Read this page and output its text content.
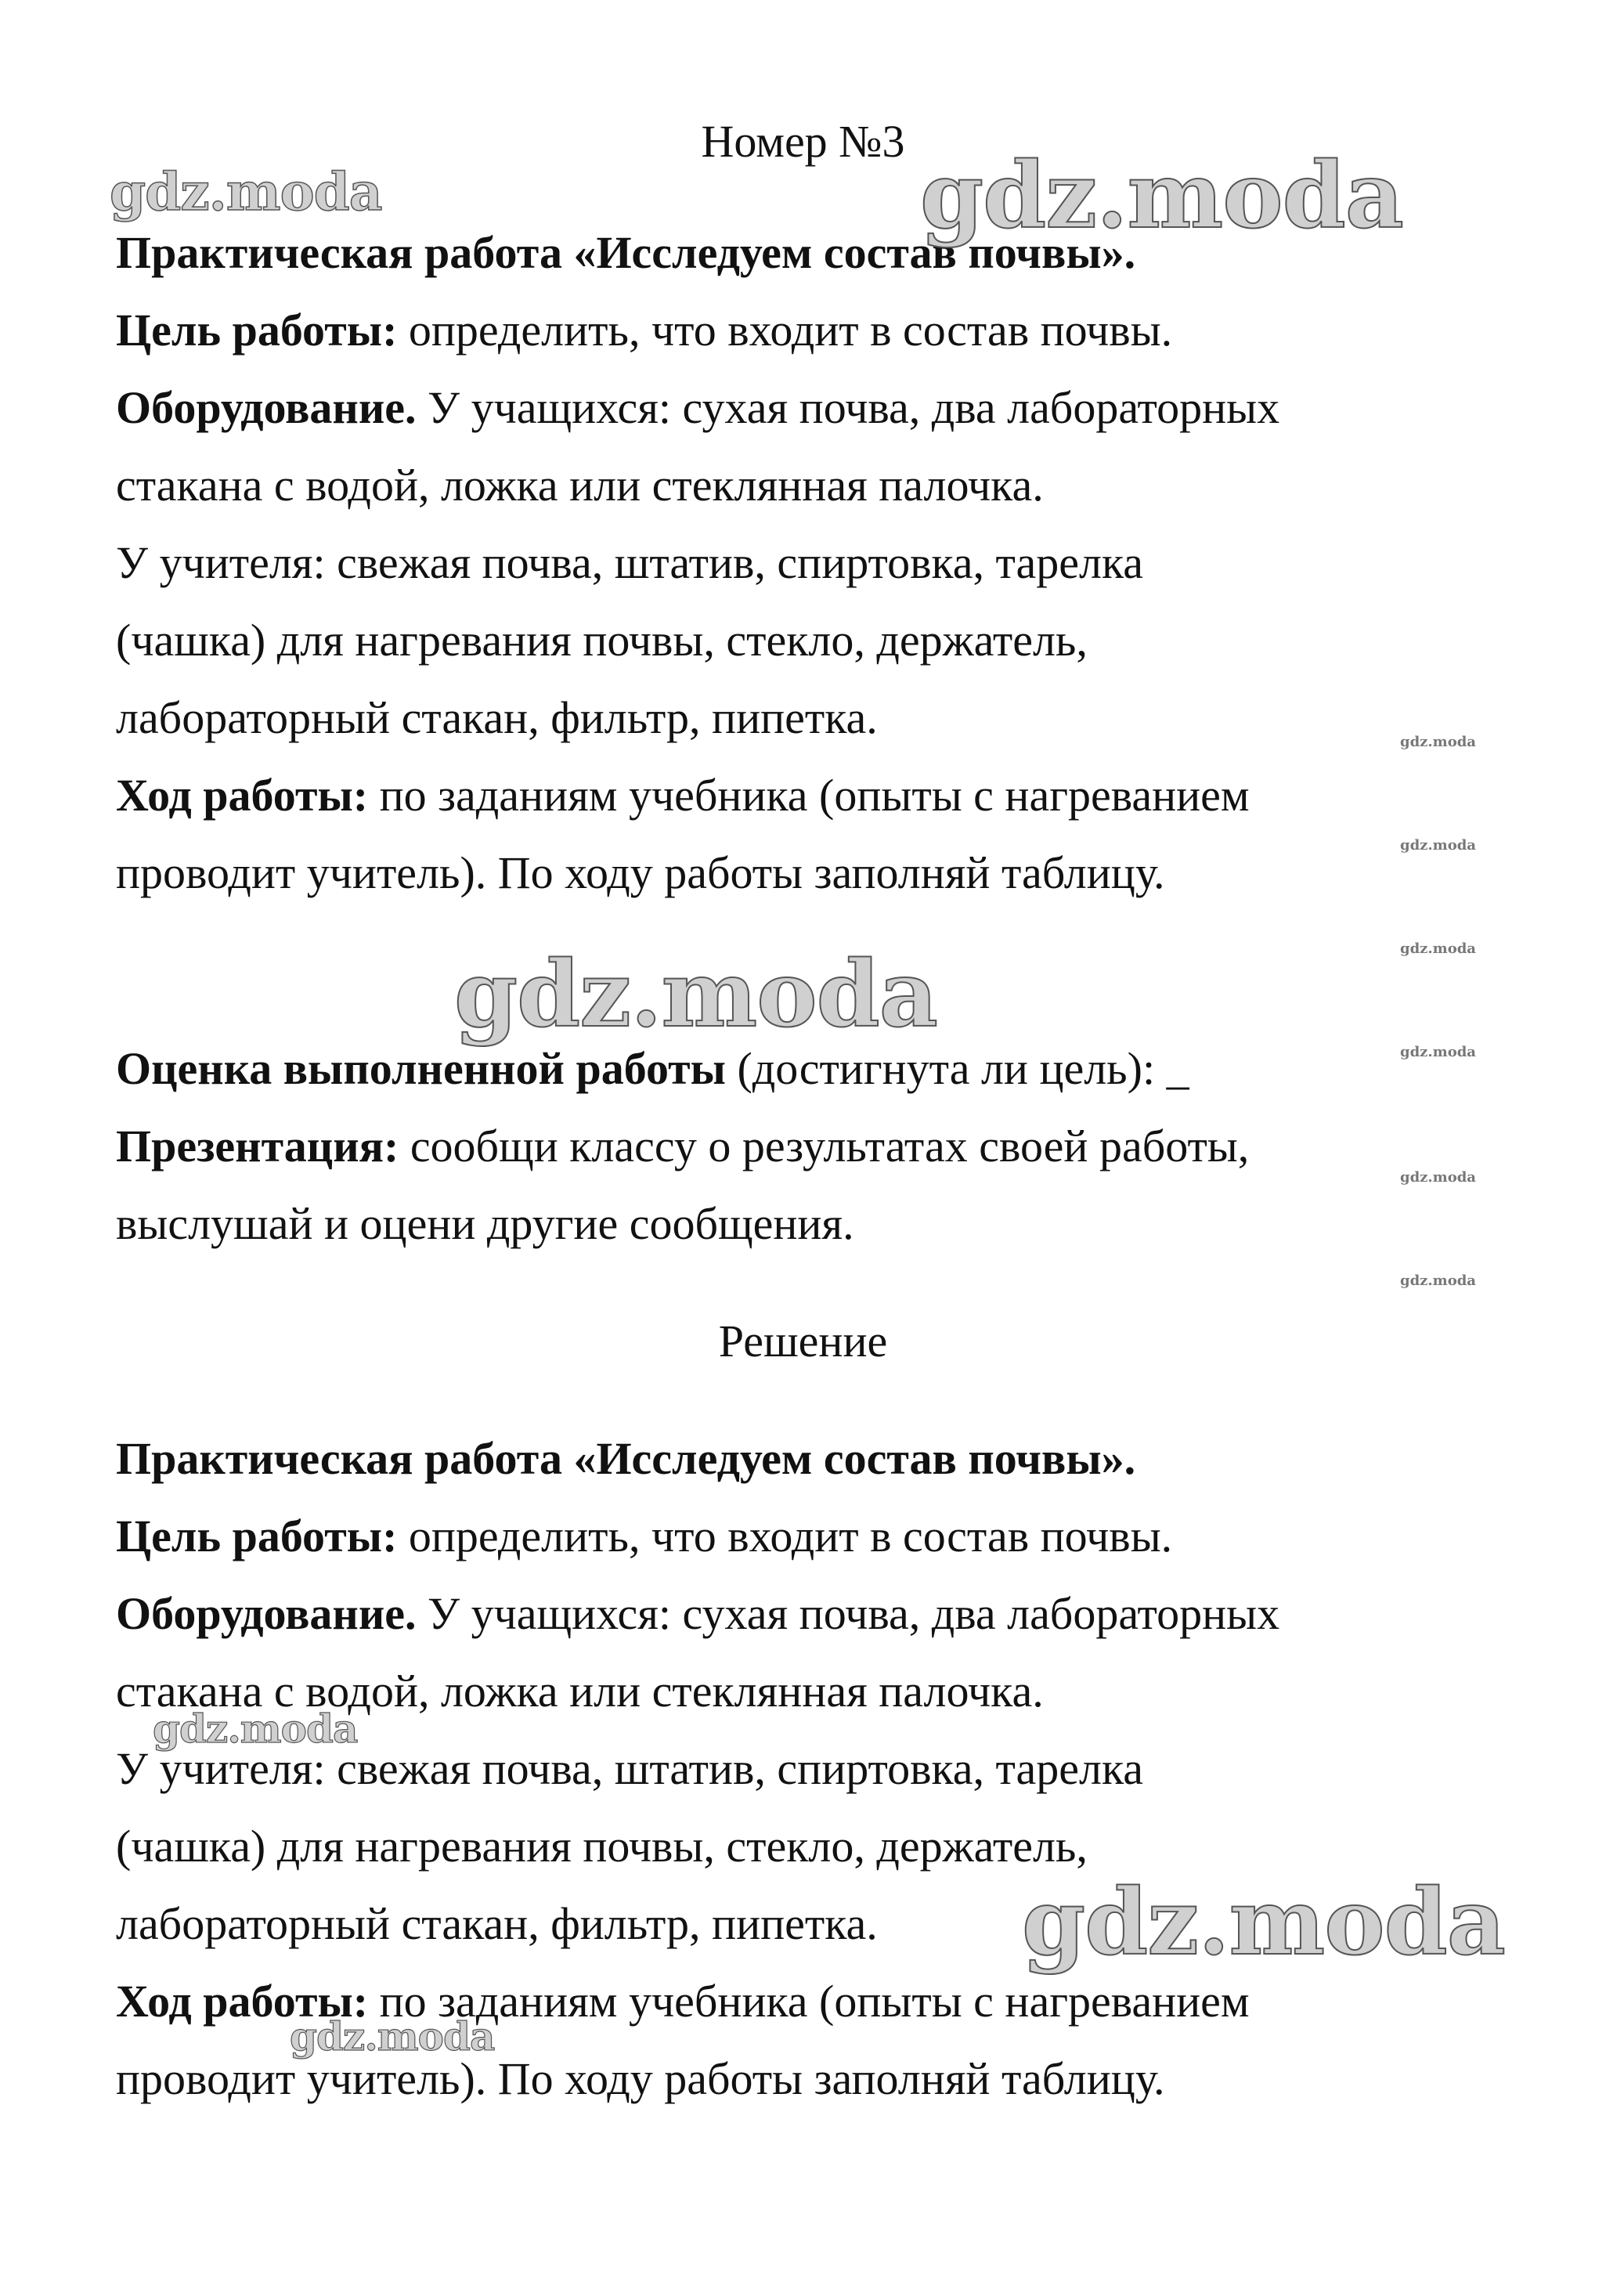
Номер №3
Практическая работа «Исследуем состав почвы».
Цель работы: определить, что входит в состав почвы.
Оборудование. У учащихся: сухая почва, два лабораторных
стакана с водой, ложка или стеклянная палочка.
У учителя: свежая почва, штатив, спиртовка, тарелка
(чашка) для нагревания почвы, стекло, держатель,
лабораторный стакан, фильтр, пипетка.
Ход работы: по заданиям учебника (опыты с нагреванием
проводит учитель). По ходу работы заполняй таблицу.
Оценка выполненной работы (достигнута ли цель): _
Презентация: сообщи классу о результатах своей работы,
выслушай и оцени другие сообщения.
Решение
Практическая работа «Исследуем состав почвы».
Цель работы: определить, что входит в состав почвы.
Оборудование. У учащихся: сухая почва, два лабораторных
стакана с водой, ложка или стеклянная палочка.
У учителя: свежая почва, штатив, спиртовка, тарелка
(чашка) для нагревания почвы, стекло, держатель,
лабораторный стакан, фильтр, пипетка.
Ход работы: по заданиям учебника (опыты с нагреванием
проводит учитель). По ходу работы заполняй таблицу.
gdz.moda	gdz.moda
gdz.moda
gdz.moda
gdz.moda
gdz.moda
gdz.moda
gdz.moda
gdz.moda
gdz.moda
gdz.moda
gdz.moda
